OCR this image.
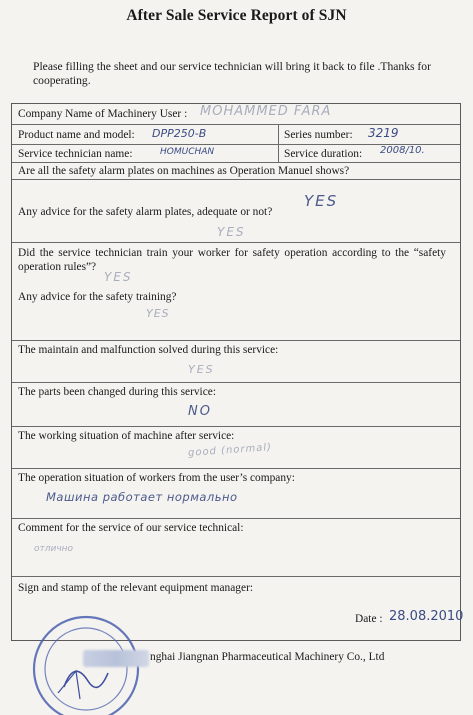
After Sale Service Report of SJN
Please filling the sheet and our service technician will bring it back to file .Thanks for cooperating.
Company Name of Machinery User : MOHAMMED FARA
Product name and model: DPP250-B	Series number: 3219
Service technician name:	HOMUCHAN	Service duration: 2008/10.
Are all the safety alarm plates on machines as Operation Manuel shows?
YES
Any advice for the safety alarm plates, adequate or not?
YES
Did the service technician train your worker for safety operation according to the “safety operation rules”?
YES
Any advice for the safety training?
YES
The maintain and malfunction solved during this service:
YES
The parts been changed during this service:
NO
The working situation of machine after service:
good (normal)
The operation situation of workers from the user’s company:
Машина работает нормально
Comment for the service of our service technical:
отлично
Sign and stamp of the relevant equipment manager:
Date : 28.08.2010
nghai Jiangnan Pharmaceutical Machinery Co., Ltd
